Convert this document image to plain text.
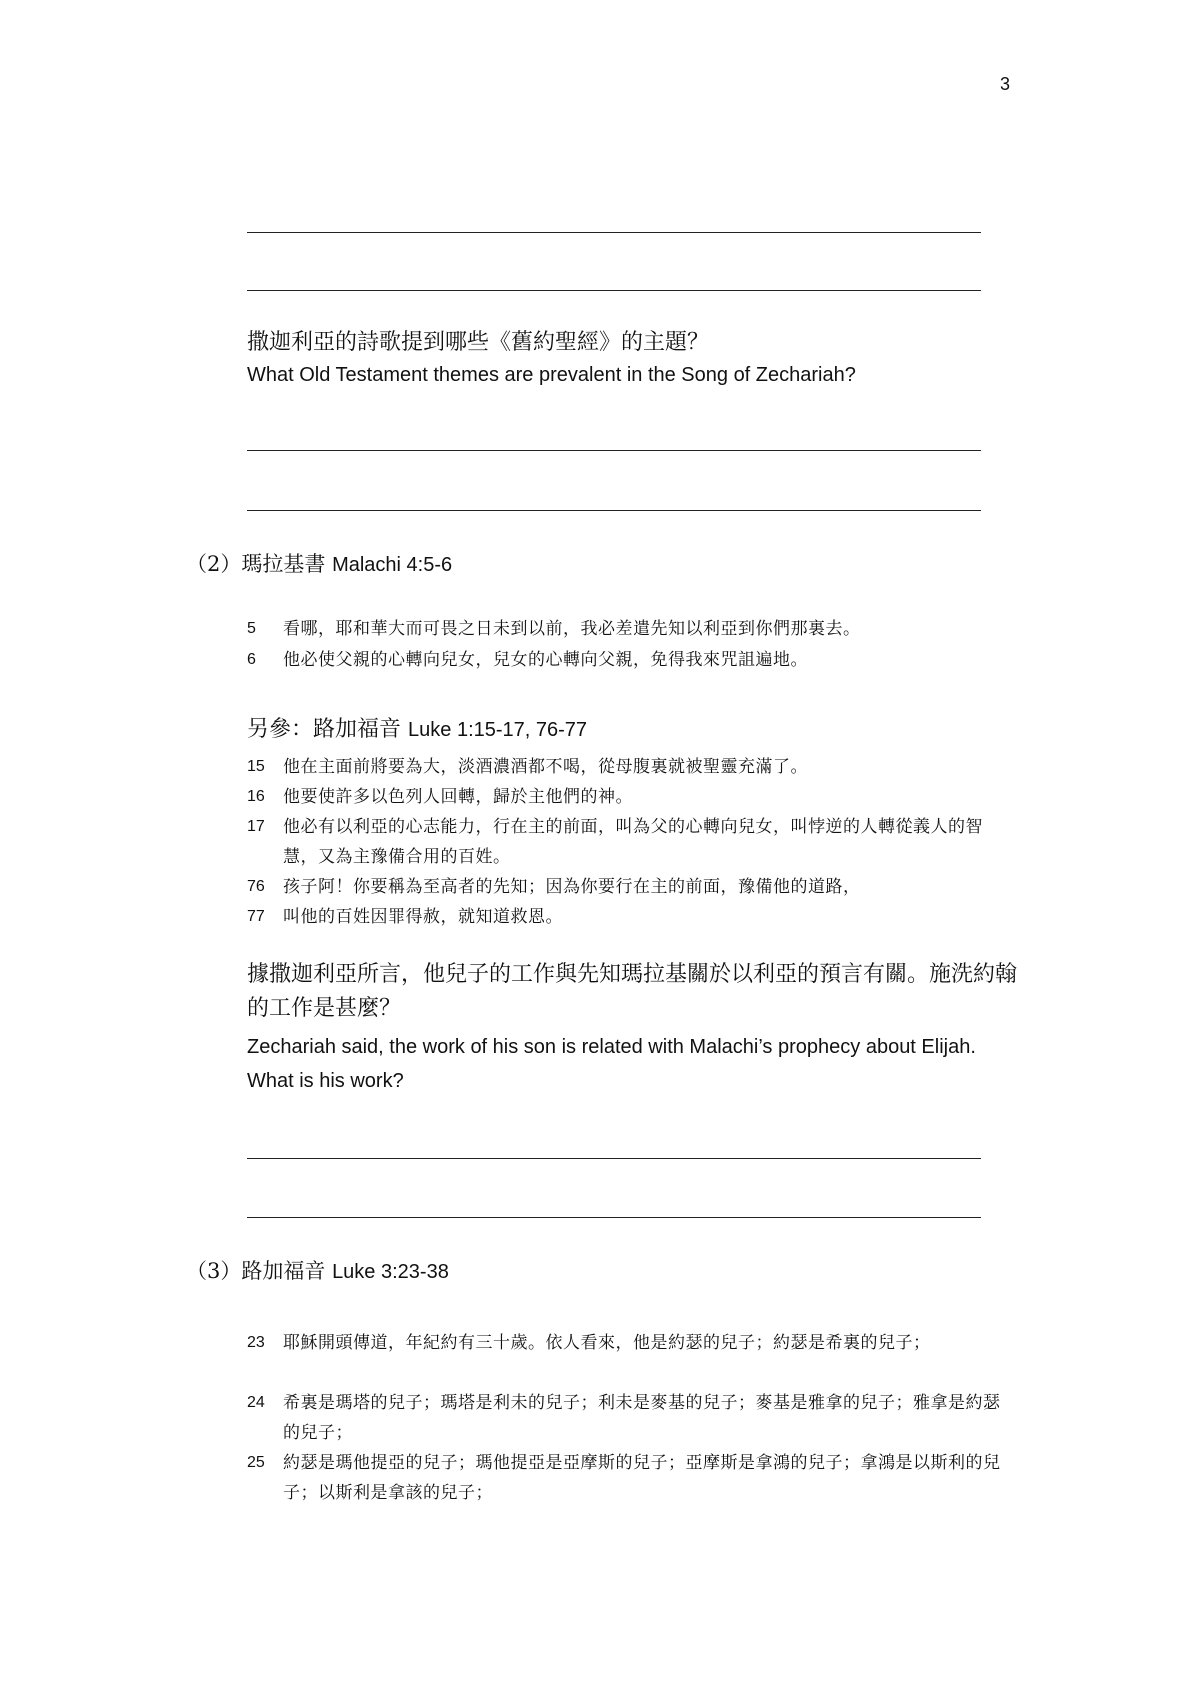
3
撒迦利亞的詩歌提到哪些《舊約聖經》的主題？
What Old Testament themes are prevalent in the Song of Zechariah?
（2）瑪拉基書 Malachi 4:5-6
5 看哪，耶和華大而可畏之日未到以前，我必差遣先知以利亞到你們那裏去。
6 他必使父親的心轉向兒女，兒女的心轉向父親，免得我來咒詛遍地。
另參：路加福音 Luke 1:15-17, 76-77
15 他在主面前將要為大，淡酒濃酒都不喝，從母腹裏就被聖靈充滿了。
16 他要使許多以色列人回轉，歸於主他們的神。
17 他必有以利亞的心志能力，行在主的前面，叫為父的心轉向兒女，叫悖逆的人轉從義人的智慧，又為主豫備合用的百姓。
76 孩子阿！你要稱為至高者的先知；因為你要行在主的前面，豫備他的道路，
77 叫他的百姓因罪得赦，就知道救恩。
據撒迦利亞所言，他兒子的工作與先知瑪拉基關於以利亞的預言有關。施洗約翰的工作是甚麼？
Zechariah said, the work of his son is related with Malachi’s prophecy about Elijah. What is his work?
（3）路加福音 Luke 3:23-38
23 耶穌開頭傳道，年紀約有三十歲。依人看來，他是約瑟的兒子；約瑟是希裏的兒子；
24 希裏是瑪塔的兒子；瑪塔是利未的兒子；利未是麥基的兒子；麥基是雅拿的兒子；雅拿是約瑟的兒子；
25 約瑟是瑪他提亞的兒子；瑪他提亞是亞摩斯的兒子；亞摩斯是拿鴻的兒子；拿鴻是以斯利的兒子；以斯利是拿該的兒子；
